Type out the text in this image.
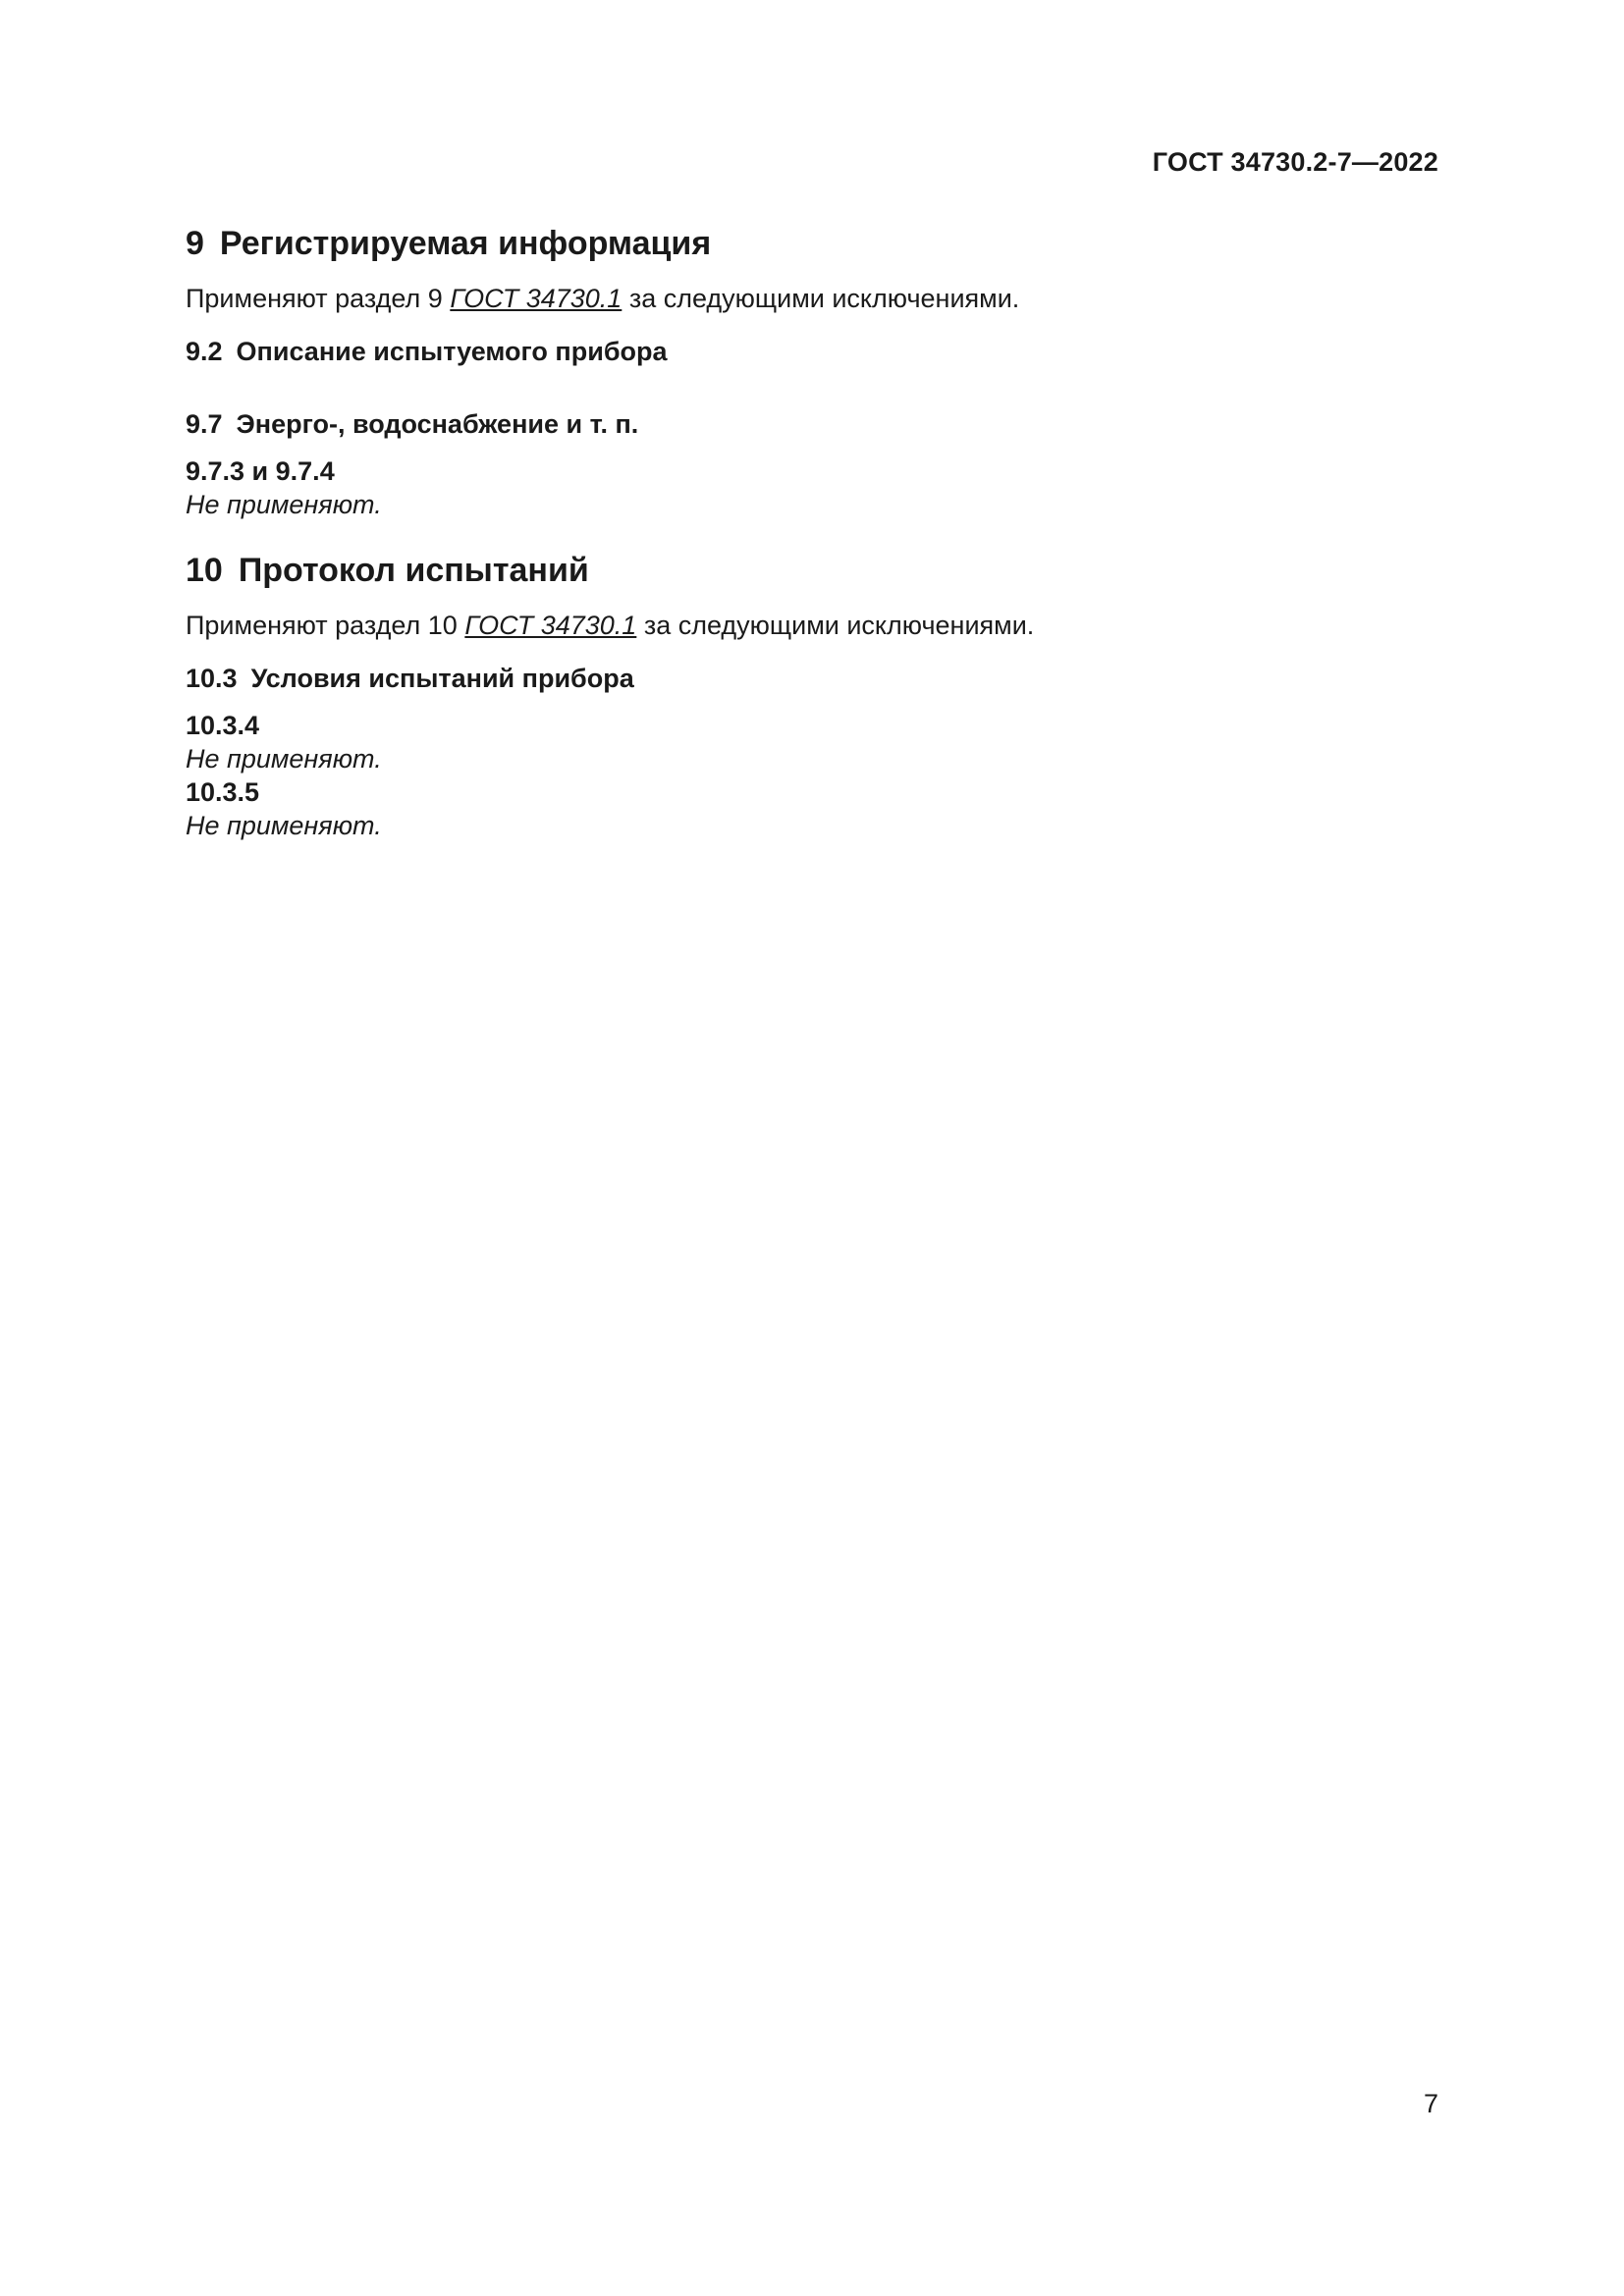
ГОСТ 34730.2-7—2022
9 Регистрируемая информация

Применяют раздел 9 ГОСТ 34730.1 за следующими исключениями.

9.2 Описание испытуемого прибора
9.7 Энерго-, водоснабжение и т. п.
9.7.3 и 9.7.4
Не применяют.
10 Протокол испытаний

Применяют раздел 10 ГОСТ 34730.1 за следующими исключениями.

10.3 Условия испытаний прибора
10.3.4
Не применяют.
10.3.5
Не применяют.
7
